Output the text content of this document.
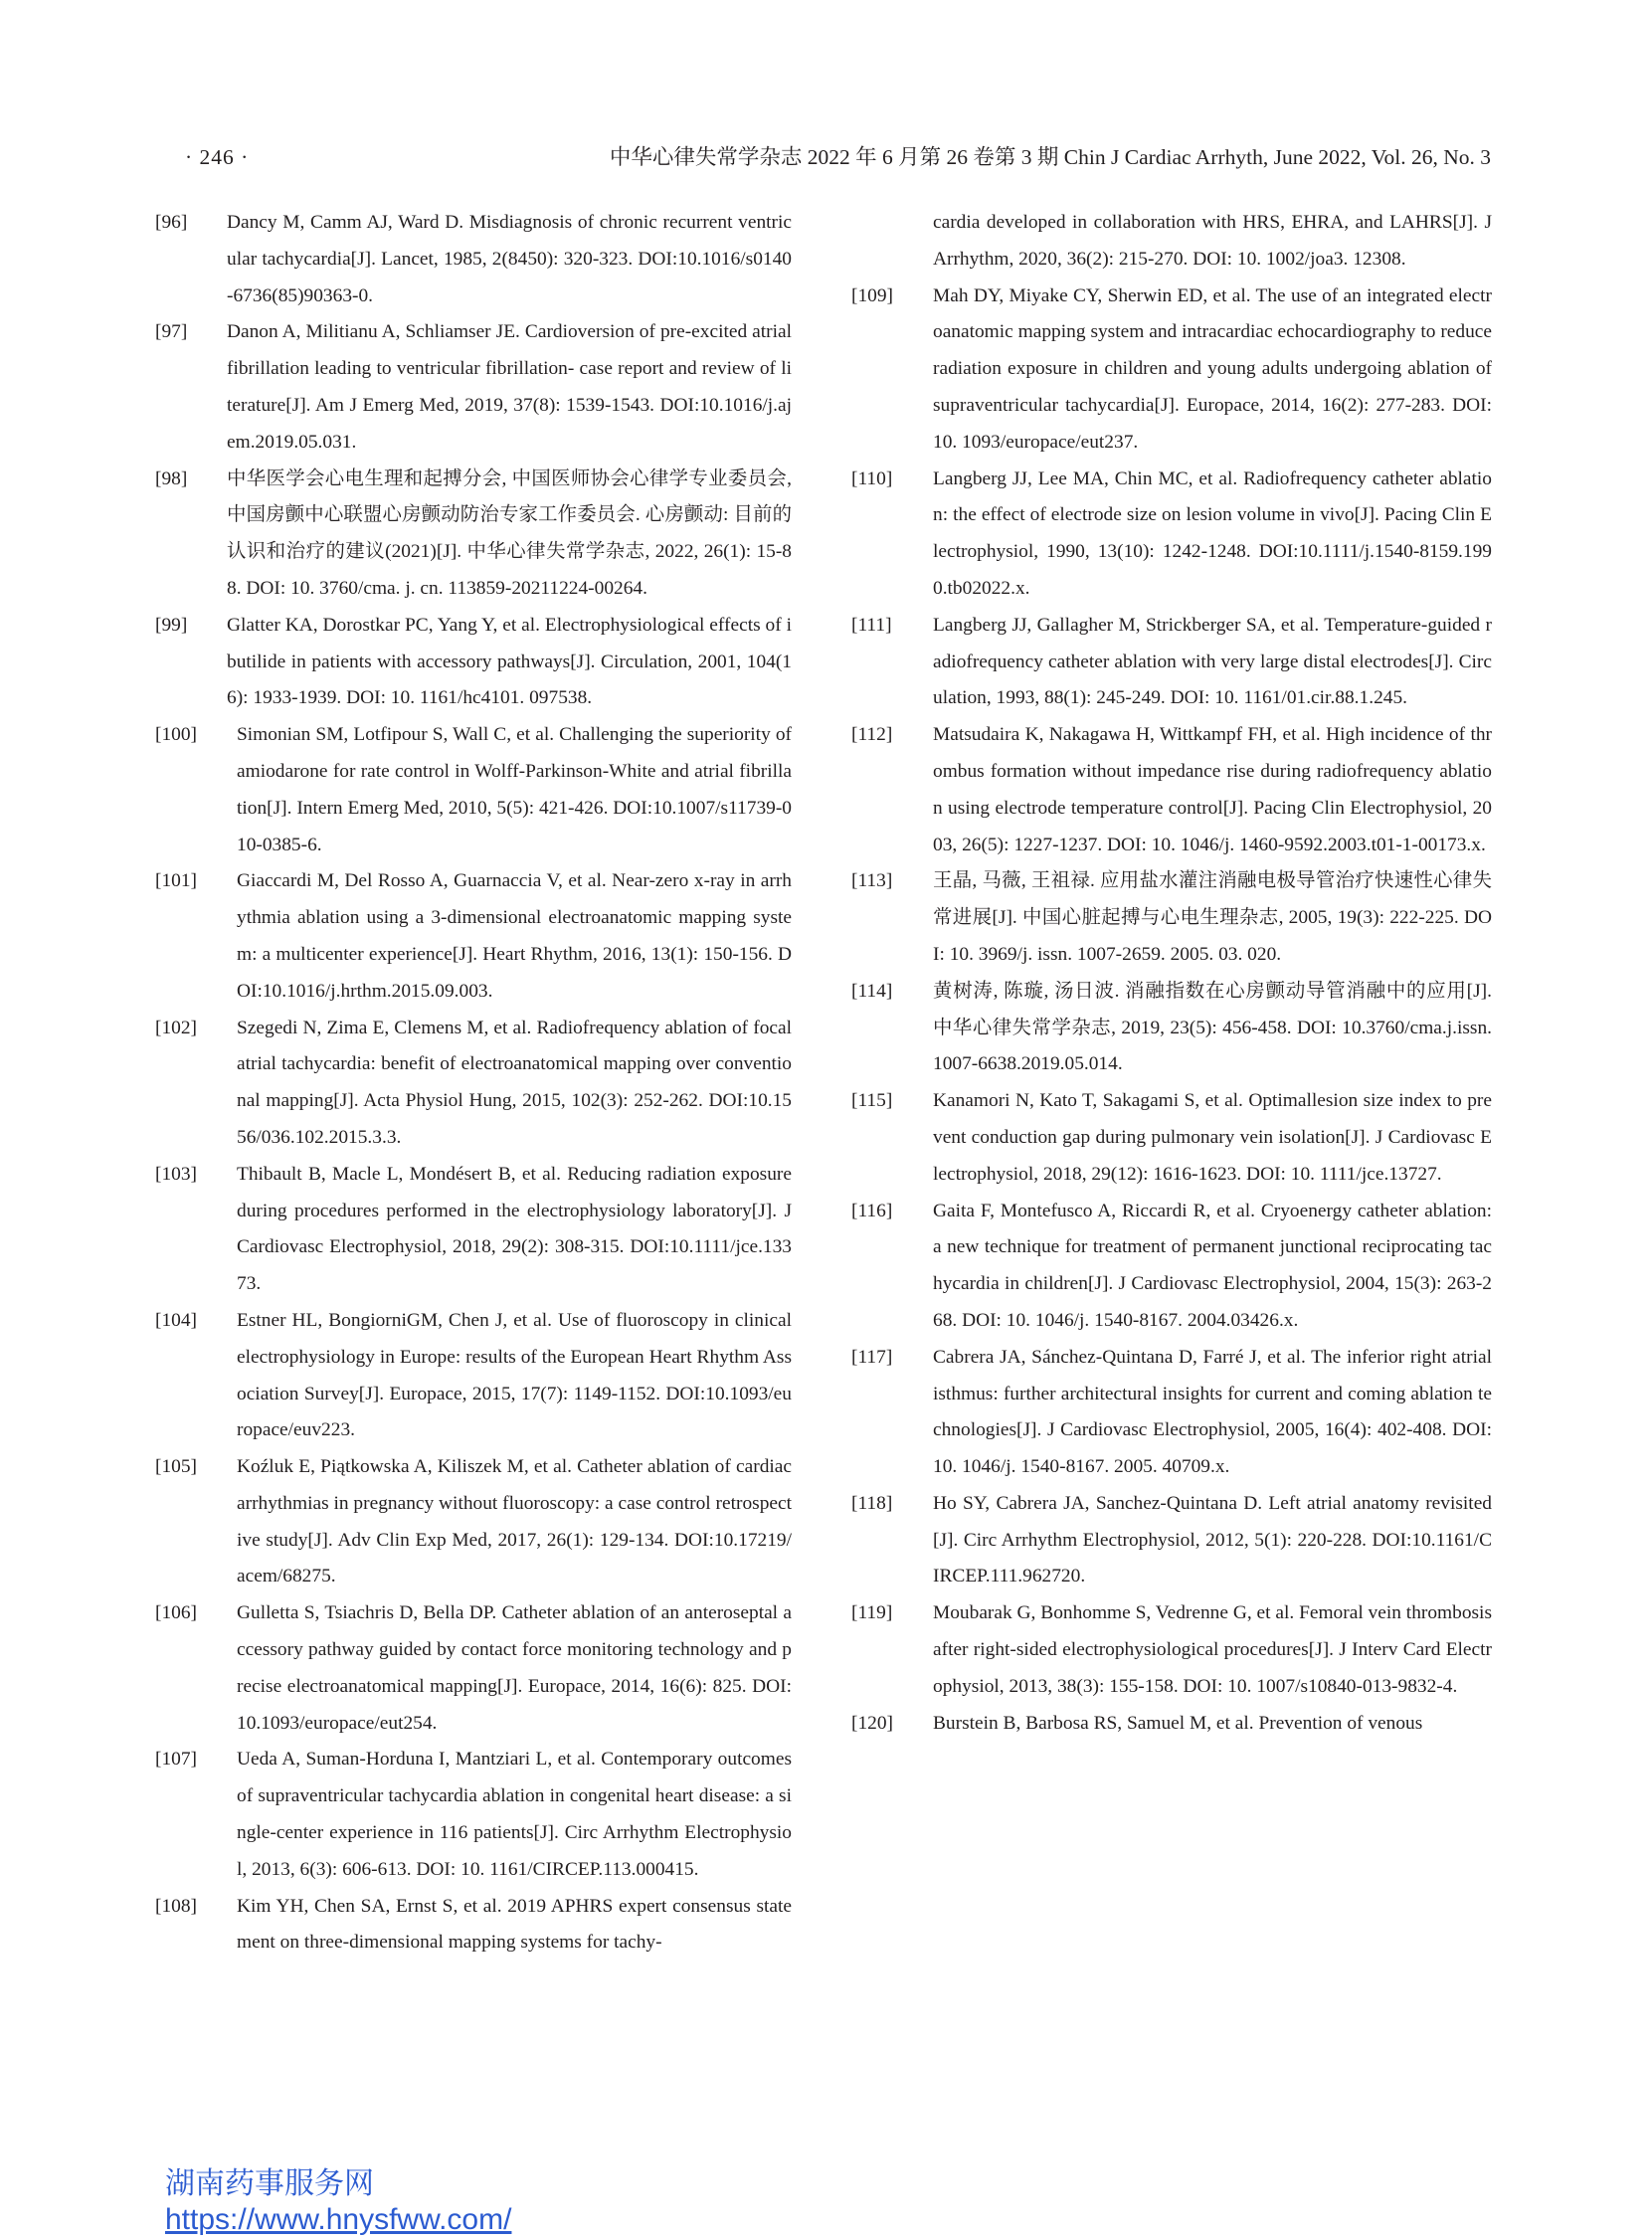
· 246 ·	中华心律失常学杂志 2022 年 6 月第 26 卷第 3 期 Chin J Cardiac Arrhyth, June 2022, Vol. 26, No. 3
[96]	Dancy M, Camm AJ, Ward D. Misdiagnosis of chronic recurrent ventricular tachycardia[J]. Lancet, 1985, 2(8450): 320-323. DOI:10.1016/s0140-6736(85)90363-0.
[97]	Danon A, Militianu A, Schliamser JE. Cardioversion of pre-excited atrial fibrillation leading to ventricular fibrillation- case report and review of literature[J]. Am J Emerg Med, 2019, 37(8): 1539-1543. DOI:10.1016/j.ajem.2019.05.031.
[98]	中华医学会心电生理和起搏分会, 中国医师协会心律学专业委员会, 中国房颤中心联盟心房颤动防治专家工作委员会. 心房颤动: 目前的认识和治疗的建议(2021)[J]. 中华心律失常学杂志, 2022, 26(1): 15-88. DOI: 10. 3760/cma. j. cn. 113859-20211224-00264.
[99]	Glatter KA, Dorostkar PC, Yang Y, et al. Electrophysiological effects of ibutilide in patients with accessory pathways[J]. Circulation, 2001, 104(16): 1933-1939. DOI: 10. 1161/hc4101. 097538.
[100]	Simonian SM, Lotfipour S, Wall C, et al. Challenging the superiority of amiodarone for rate control in Wolff-Parkinson-White and atrial fibrillation[J]. Intern Emerg Med, 2010, 5(5): 421-426. DOI:10.1007/s11739-010-0385-6.
[101]	Giaccardi M, Del Rosso A, Guarnaccia V, et al. Near-zero x-ray in arrhythmia ablation using a 3-dimensional electroanatomic mapping system: a multicenter experience[J]. Heart Rhythm, 2016, 13(1): 150-156. DOI:10.1016/j.hrthm.2015.09.003.
[102]	Szegedi N, Zima E, Clemens M, et al. Radiofrequency ablation of focal atrial tachycardia: benefit of electroanatomical mapping over conventional mapping[J]. Acta Physiol Hung, 2015, 102(3): 252-262. DOI:10.1556/036.102.2015.3.3.
[103]	Thibault B, Macle L, Mondésert B, et al. Reducing radiation exposure during procedures performed in the electrophysiology laboratory[J]. J Cardiovasc Electrophysiol, 2018, 29(2): 308-315. DOI:10.1111/jce.13373.
[104]	Estner HL, BongiorniGM, Chen J, et al. Use of fluoroscopy in clinical electrophysiology in Europe: results of the European Heart Rhythm Association Survey[J]. Europace, 2015, 17(7): 1149-1152. DOI:10.1093/europace/euv223.
[105]	Koźluk E, Piątkowska A, Kiliszek M, et al. Catheter ablation of cardiac arrhythmias in pregnancy without fluoroscopy: a case control retrospective study[J]. Adv Clin Exp Med, 2017, 26(1): 129-134. DOI:10.17219/acem/68275.
[106]	Gulletta S, Tsiachris D, Bella DP. Catheter ablation of an anteroseptal accessory pathway guided by contact force monitoring technology and precise electroanatomical mapping[J]. Europace, 2014, 16(6): 825. DOI:10.1093/europace/eut254.
[107]	Ueda A, Suman-Horduna I, Mantziari L, et al. Contemporary outcomes of supraventricular tachycardia ablation in congenital heart disease: a single-center experience in 116 patients[J]. Circ Arrhythm Electrophysiol, 2013, 6(3): 606-613. DOI: 10. 1161/CIRCEP.113.000415.
[108]	Kim YH, Chen SA, Ernst S, et al. 2019 APHRS expert consensus statement on three-dimensional mapping systems for tachy-
cardia developed in collaboration with HRS, EHRA, and LAHRS[J]. J Arrhythm, 2020, 36(2): 215-270. DOI: 10. 1002/joa3. 12308.
[109]	Mah DY, Miyake CY, Sherwin ED, et al. The use of an integrated electroanatomic mapping system and intracardiac echocardiography to reduce radiation exposure in children and young adults undergoing ablation of supraventricular tachycardia[J]. Europace, 2014, 16(2): 277-283. DOI: 10. 1093/europace/eut237.
[110]	Langberg JJ, Lee MA, Chin MC, et al. Radiofrequency catheter ablation: the effect of electrode size on lesion volume in vivo[J]. Pacing Clin Electrophysiol, 1990, 13(10): 1242-1248. DOI:10.1111/j.1540-8159.1990.tb02022.x.
[111]	Langberg JJ, Gallagher M, Strickberger SA, et al. Temperature-guided radiofrequency catheter ablation with very large distal electrodes[J]. Circulation, 1993, 88(1): 245-249. DOI: 10. 1161/01.cir.88.1.245.
[112]	Matsudaira K, Nakagawa H, Wittkampf FH, et al. High incidence of thrombus formation without impedance rise during radiofrequency ablation using electrode temperature control[J]. Pacing Clin Electrophysiol, 2003, 26(5): 1227-1237. DOI: 10. 1046/j. 1460-9592.2003.t01-1-00173.x.
[113]	王晶, 马薇, 王祖禄. 应用盐水灌注消融电极导管治疗快速性心律失常进展[J]. 中国心脏起搏与心电生理杂志, 2005, 19(3): 222-225. DOI: 10. 3969/j. issn. 1007-2659. 2005. 03. 020.
[114]	黄树涛, 陈璇, 汤日波. 消融指数在心房颤动导管消融中的应用[J]. 中华心律失常学杂志, 2019, 23(5): 456-458. DOI: 10.3760/cma.j.issn.1007-6638.2019.05.014.
[115]	Kanamori N, Kato T, Sakagami S, et al. Optimallesion size index to prevent conduction gap during pulmonary vein isolation[J]. J Cardiovasc Electrophysiol, 2018, 29(12): 1616-1623. DOI: 10. 1111/jce.13727.
[116]	Gaita F, Montefusco A, Riccardi R, et al. Cryoenergy catheter ablation: a new technique for treatment of permanent junctional reciprocating tachycardia in children[J]. J Cardiovasc Electrophysiol, 2004, 15(3): 263-268. DOI: 10. 1046/j. 1540-8167. 2004.03426.x.
[117]	Cabrera JA, Sánchez-Quintana D, Farré J, et al. The inferior right atrial isthmus: further architectural insights for current and coming ablation technologies[J]. J Cardiovasc Electrophysiol, 2005, 16(4): 402-408. DOI: 10. 1046/j. 1540-8167. 2005. 40709.x.
[118]	Ho SY, Cabrera JA, Sanchez-Quintana D. Left atrial anatomy revisited[J]. Circ Arrhythm Electrophysiol, 2012, 5(1): 220-228. DOI:10.1161/CIRCEP.111.962720.
[119]	Moubarak G, Bonhomme S, Vedrenne G, et al. Femoral vein thrombosis after right-sided electrophysiological procedures[J]. J Interv Card Electrophysiol, 2013, 38(3): 155-158. DOI: 10. 1007/s10840-013-9832-4.
[120]	Burstein B, Barbosa RS, Samuel M, et al. Prevention of venous
湖南药事服务网
https://www.hnysfww.com/
